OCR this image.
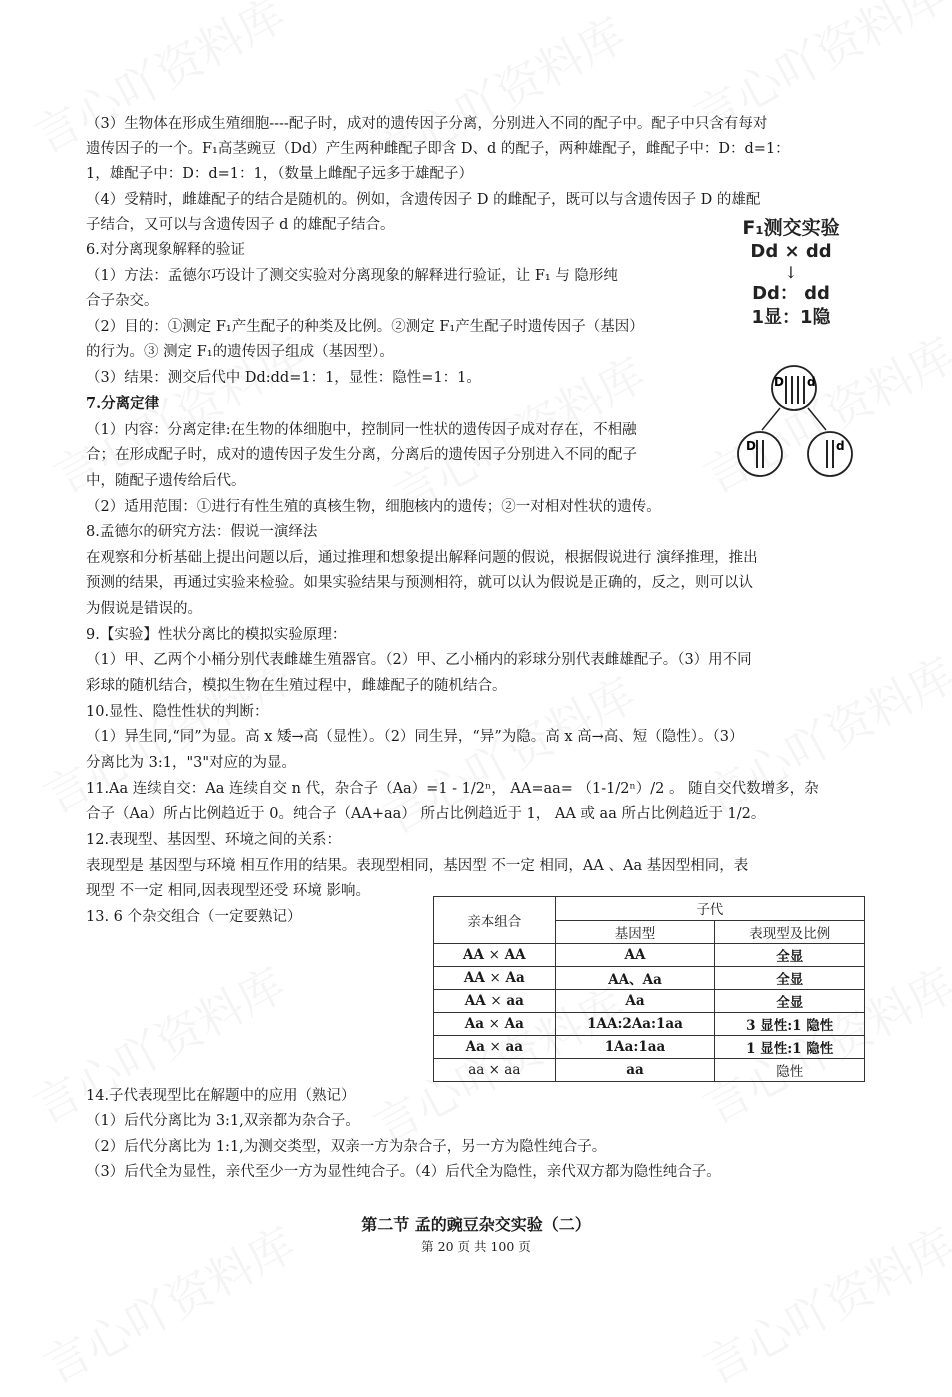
（3）生物体在形成生殖细胞----配子时，成对的遗传因子分离，分别进入不同的配子中。配子中只含有每对
遗传因子的一个。F₁高茎豌豆（Dd）产生两种雌配子即含 D、d 的配子，两种雄配子，雌配子中：D：d=1：
1，雄配子中：D：d=1：1，（数量上雌配子远多于雄配子）
（4）受精时，雌雄配子的结合是随机的。例如，含遗传因子 D 的雌配子，既可以与含遗传因子 D 的雄配
子结合，又可以与含遗传因子 d 的雄配子结合。
6.对分离现象解释的验证
（1）方法：孟德尔巧设计了测交实验对分离现象的解释进行验证，让 F₁ 与 隐形纯
合子杂交。
（2）目的：①测定 F₁产生配子的种类及比例。②测定 F₁产生配子时遗传因子（基因）
的行为。③ 测定 F₁的遗传因子组成（基因型）。
（3）结果：测交后代中 Dd:dd=1：1，显性：隐性=1：1。
7.分离定律
（1）内容：分离定律:在生物的体细胞中，控制同一性状的遗传因子成对存在，不相融
合；在形成配子时，成对的遗传因子发生分离，分离后的遗传因子分别进入不同的配子
中，随配子遗传给后代。
（2）适用范围：①进行有性生殖的真核生物，细胞核内的遗传；②一对相对性状的遗传。
8.孟德尔的研究方法：假说一演绎法
在观察和分析基础上提出问题以后，通过推理和想象提出解释问题的假说，根据假说进行 演绎推理，推出
预测的结果，再通过实验来检验。如果实验结果与预测相符，就可以认为假说是正确的，反之，则可以认
为假说是错误的。
9.【实验】性状分离比的模拟实验原理：
（1）甲、乙两个小桶分别代表雌雄生殖器官。（2）甲、乙小桶内的彩球分别代表雌雄配子。（3）用不同
彩球的随机结合，模拟生物在生殖过程中，雌雄配子的随机结合。
10.显性、隐性性状的判断：
（1）异生同,“同”为显。高 x 矮→高（显性）。（2）同生异，“异”为隐。高 x 高→高、短（隐性）。（3）
分离比为 3:1，"3"对应的为显。
11.Aa 连续自交：Aa 连续自交 n 代，杂合子（Aa）=1 - 1/2ⁿ， AA=aa= （1-1/2ⁿ）/2 。 随自交代数增多，杂
合子（Aa）所占比例趋近于 0。纯合子（AA+aa） 所占比例趋近于 1， AA 或 aa 所占比例趋近于 1/2。
12.表现型、基因型、环境之间的关系：
表现型是 基因型与环境 相互作用的结果。表现型相同，基因型 不一定 相同，AA 、Aa 基因型相同，表
现型 不一定 相同,因表现型还受 环境 影响。
13. 6 个杂交组合（一定要熟记）
14.子代表现型比在解题中的应用（熟记）
（1）后代分离比为 3:1,双亲都为杂合子。
（2）后代分离比为 1:1,为测交类型，双亲一方为杂合子，另一方为隐性纯合子。
（3）后代全为显性，亲代至少一方为显性纯合子。（4）后代全为隐性，亲代双方都为隐性纯合子。
F₁测交实验
Dd × dd
↓
Dd： dd
1显：1隐
D d
D	d
亲本组合	子代	
	基因型	表现型及比例
AA × AA	AA	全显
AA × Aa	AA、Aa	全显
AA × aa	Aa	全显
Aa × Aa	1AA:2Aa:1aa	3 显性:1 隐性
Aa × aa	1Aa:1aa	1 显性:1 隐性
aa × aa	aa	隐性
第二节 孟的豌豆杂交实验（二）
第 20 页 共 100 页
